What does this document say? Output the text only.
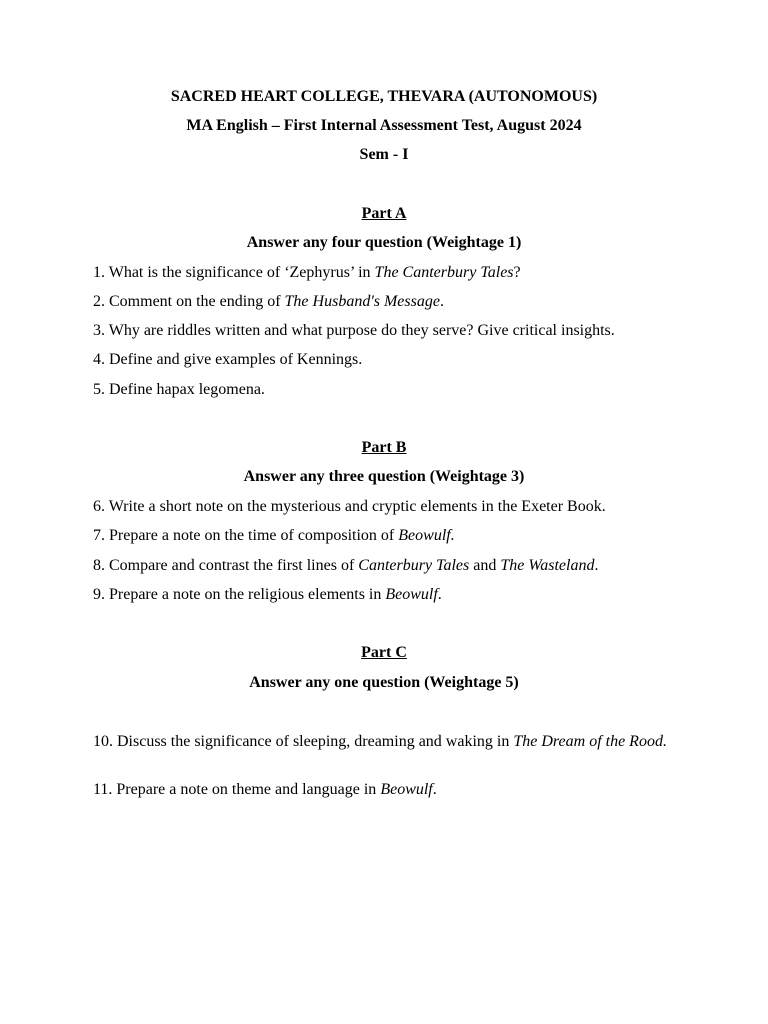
SACRED HEART COLLEGE, THEVARA (AUTONOMOUS)
MA English – First Internal Assessment Test, August 2024
Sem - I
Part A
Answer any four question (Weightage 1)
1. What is the significance of ‘Zephyrus’ in The Canterbury Tales?
2. Comment on the ending of The Husband's Message.
3. Why are riddles written and what purpose do they serve? Give critical insights.
4. Define and give examples of Kennings.
5. Define hapax legomena.
Part B
Answer any three question (Weightage 3)
6. Write a short note on the mysterious and cryptic elements in the Exeter Book.
7. Prepare a note on the time of composition of Beowulf.
8. Compare and contrast the first lines of Canterbury Tales and The Wasteland.
9. Prepare a note on the religious elements in Beowulf.
Part C
Answer any one question (Weightage 5)
10. Discuss the significance of sleeping, dreaming and waking in The Dream of the Rood.
11. Prepare a note on theme and language in Beowulf.
